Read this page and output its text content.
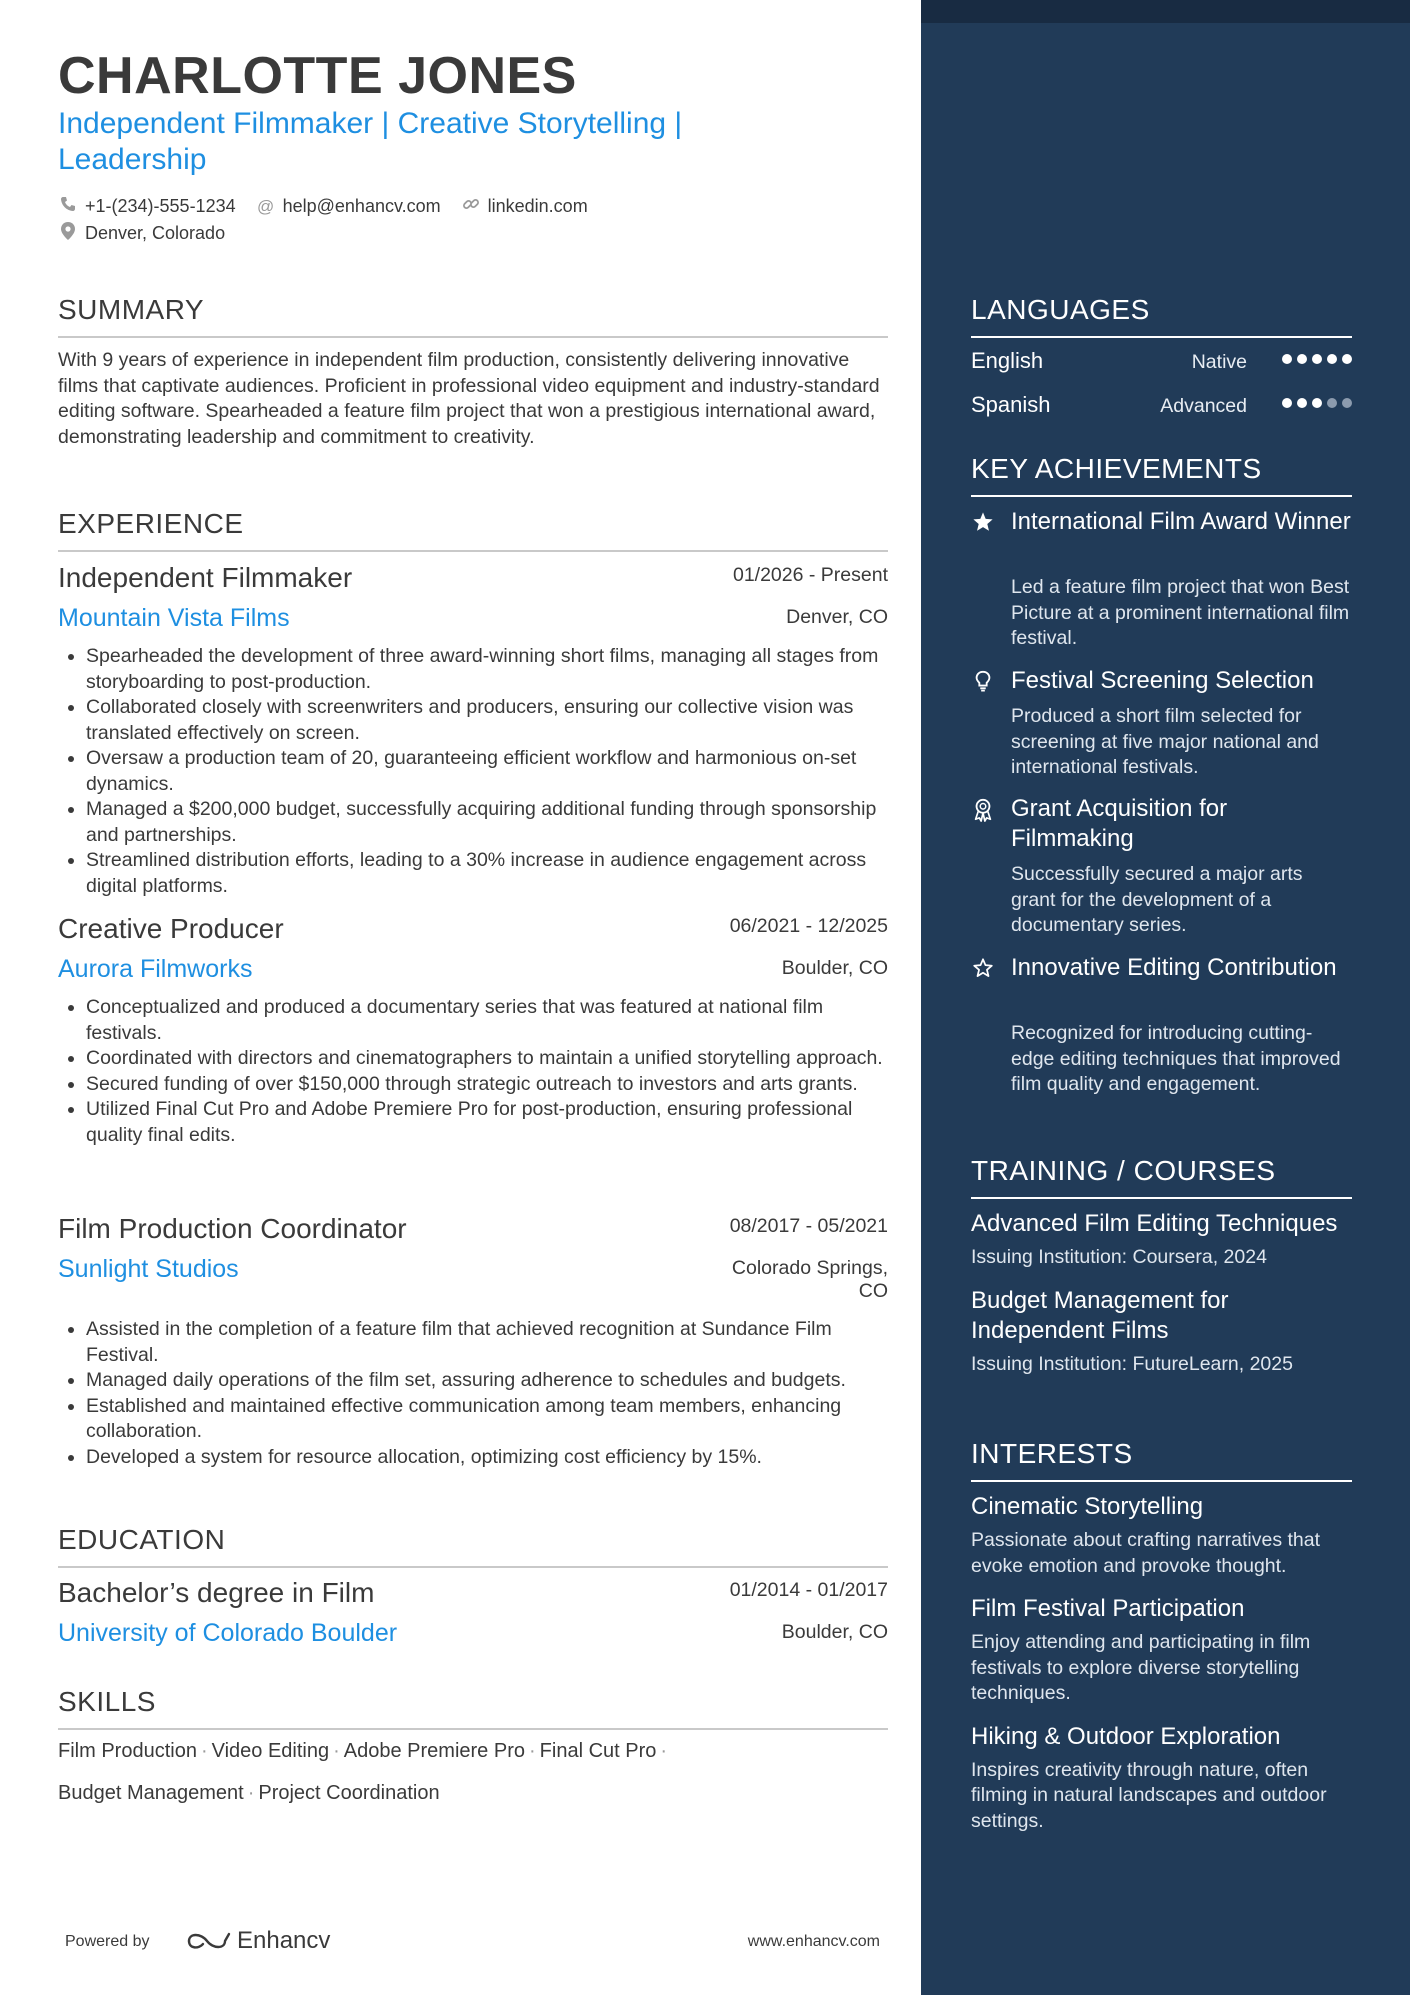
CHARLOTTE JONES
Independent Filmmaker | Creative Storytelling | Leadership
+1-(234)-555-1234 @ help@enhancv.com	linkedin.com
Denver, Colorado
SUMMARY
With 9 years of experience in independent film production, consistently delivering innovative films that captivate audiences. Proficient in professional video equipment and industry-standard editing software. Spearheaded a feature film project that won a prestigious international award, demonstrating leadership and commitment to creativity.
EXPERIENCE
Independent Filmmaker	01/2026 - Present
Mountain Vista Films	Denver, CO
• Spearheaded the development of three award-winning short films, managing all stages from storyboarding to post-production.
• Collaborated closely with screenwriters and producers, ensuring our collective vision was translated effectively on screen.
• Oversaw a production team of 20, guaranteeing efficient workflow and harmonious on-set dynamics.
• Managed a $200,000 budget, successfully acquiring additional funding through sponsorship and partnerships.
• Streamlined distribution efforts, leading to a 30% increase in audience engagement across digital platforms.
Creative Producer	06/2021 - 12/2025
Aurora Filmworks	Boulder, CO
• Conceptualized and produced a documentary series that was featured at national film festivals.
• Coordinated with directors and cinematographers to maintain a unified storytelling approach.
• Secured funding of over $150,000 through strategic outreach to investors and arts grants.
• Utilized Final Cut Pro and Adobe Premiere Pro for post-production, ensuring professional quality final edits.
Film Production Coordinator	08/2017 - 05/2021
Sunlight Studios	Colorado Springs,
CO
• Assisted in the completion of a feature film that achieved recognition at Sundance Film Festival.
• Managed daily operations of the film set, assuring adherence to schedules and budgets.
• Established and maintained effective communication among team members, enhancing collaboration.
• Developed a system for resource allocation, optimizing cost efficiency by 15%.
EDUCATION
Bachelor’s degree in Film	01/2014 - 01/2017
University of Colorado Boulder	Boulder, CO
SKILLS
Film Production · Video Editing · Adobe Premiere Pro · Final Cut Pro ·
Budget Management · Project Coordination
Powered by	Enhancv	www.enhancv.com
LANGUAGES
English	Native
Spanish	Advanced
KEY ACHIEVEMENTS
International Film Award Winner
Led a feature film project that won Best Picture at a prominent international film festival.
Festival Screening Selection
Produced a short film selected for screening at five major national and international festivals.
Grant Acquisition for Filmmaking
Successfully secured a major arts grant for the development of a documentary series.
Innovative Editing Contribution
Recognized for introducing cutting-edge editing techniques that improved film quality and engagement.
TRAINING / COURSES
Advanced Film Editing Techniques
Issuing Institution: Coursera, 2024
Budget Management for Independent Films
Issuing Institution: FutureLearn, 2025
INTERESTS
Cinematic Storytelling
Passionate about crafting narratives that evoke emotion and provoke thought.
Film Festival Participation
Enjoy attending and participating in film festivals to explore diverse storytelling techniques.
Hiking & Outdoor Exploration
Inspires creativity through nature, often filming in natural landscapes and outdoor settings.
